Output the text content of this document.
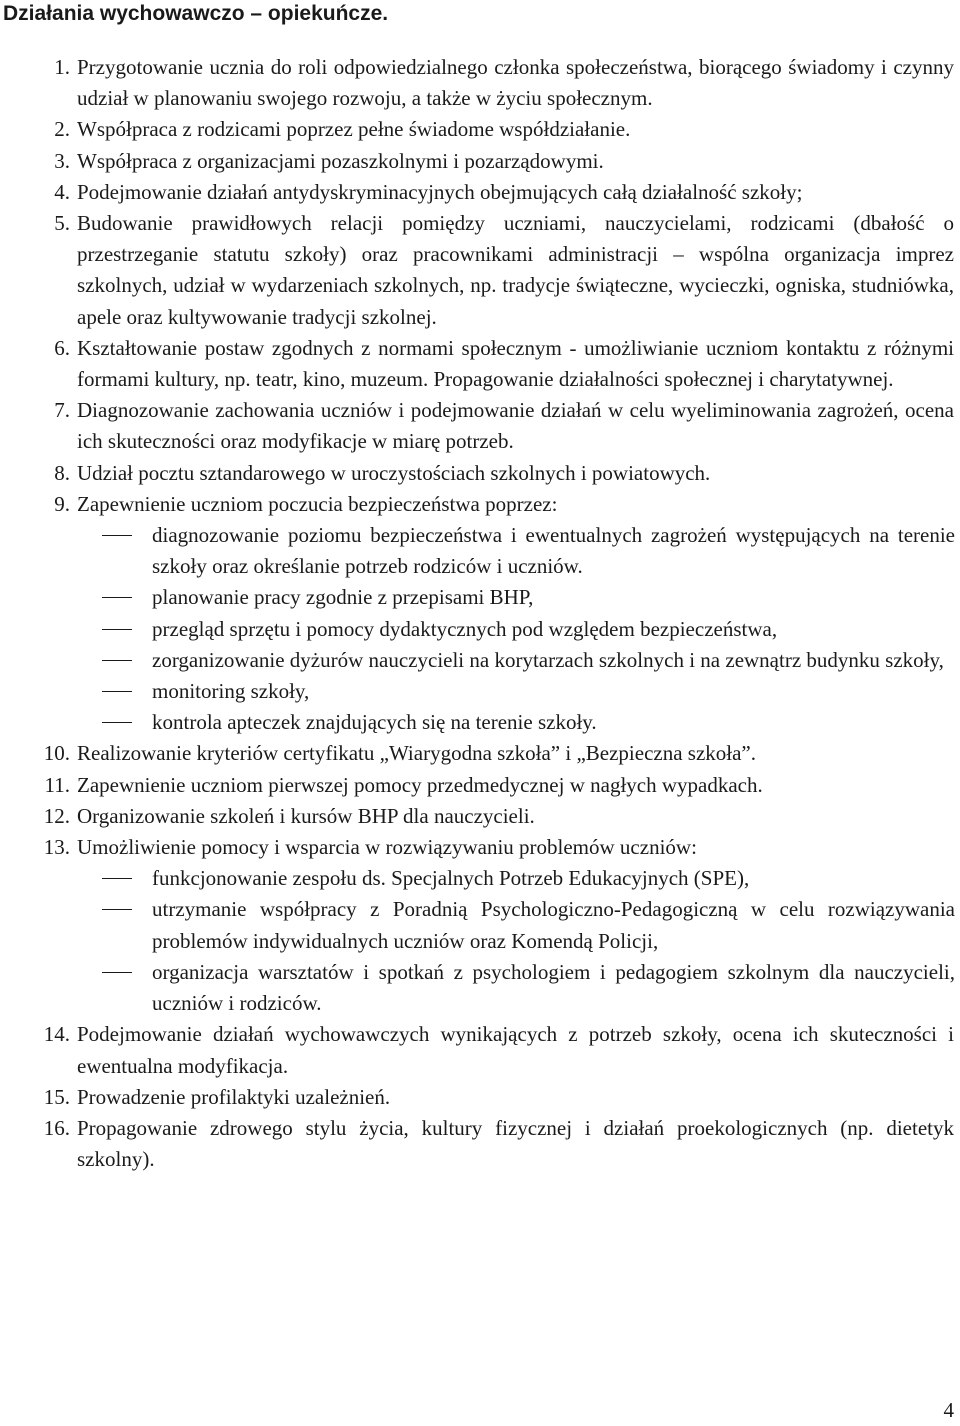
Działania wychowawczo – opiekuńcze.
1. Przygotowanie ucznia do roli odpowiedzialnego członka społeczeństwa, biorącego świadomy i czynny udział w planowaniu swojego rozwoju, a także w życiu społecznym.
2. Współpraca z rodzicami poprzez pełne świadome współdziałanie.
3. Współpraca z organizacjami pozaszkolnymi i pozarządowymi.
4. Podejmowanie działań antydyskryminacyjnych obejmujących całą działalność szkoły;
5. Budowanie prawidłowych relacji pomiędzy uczniami, nauczycielami, rodzicami (dbałość o przestrzeganie statutu szkoły) oraz pracownikami administracji – wspólna organizacja imprez szkolnych, udział w wydarzeniach szkolnych, np. tradycje świąteczne, wycieczki, ogniska, studniówka, apele oraz kultywowanie tradycji szkolnej.
6. Kształtowanie postaw zgodnych z normami społecznym - umożliwianie uczniom kontaktu z różnymi formami kultury, np. teatr, kino, muzeum. Propagowanie działalności społecznej i charytatywnej.
7. Diagnozowanie zachowania uczniów i podejmowanie działań w celu wyeliminowania zagrożeń, ocena ich skuteczności oraz modyfikacje w miarę potrzeb.
8. Udział pocztu sztandarowego w uroczystościach szkolnych i powiatowych.
9. Zapewnienie uczniom poczucia bezpieczeństwa poprzez:
diagnozowanie poziomu bezpieczeństwa i ewentualnych zagrożeń występujących na terenie szkoły oraz określanie potrzeb rodziców i uczniów.
planowanie pracy zgodnie z przepisami BHP,
przegląd sprzętu i pomocy dydaktycznych pod względem bezpieczeństwa,
zorganizowanie dyżurów nauczycieli na korytarzach szkolnych i na zewnątrz budynku szkoły,
monitoring szkoły,
kontrola apteczek znajdujących się na terenie szkoły.
10. Realizowanie kryteriów certyfikatu „Wiarygodna szkoła” i „Bezpieczna szkoła”.
11. Zapewnienie uczniom pierwszej pomocy przedmedycznej w nagłych wypadkach.
12. Organizowanie szkoleń i kursów BHP dla nauczycieli.
13. Umożliwienie pomocy i wsparcia w rozwiązywaniu problemów uczniów:
funkcjonowanie zespołu ds. Specjalnych Potrzeb Edukacyjnych (SPE),
utrzymanie współpracy z Poradnią Psychologiczno-Pedagogiczną w celu rozwiązywania problemów indywidualnych uczniów oraz Komendą Policji,
organizacja warsztatów i spotkań z psychologiem i pedagogiem szkolnym dla nauczycieli, uczniów i rodziców.
14. Podejmowanie działań wychowawczych wynikających z potrzeb szkoły, ocena ich skuteczności i ewentualna modyfikacja.
15. Prowadzenie profilaktyki uzależnień.
16. Propagowanie zdrowego stylu życia, kultury fizycznej i działań proekologicznych (np. dietetyk szkolny).
4
